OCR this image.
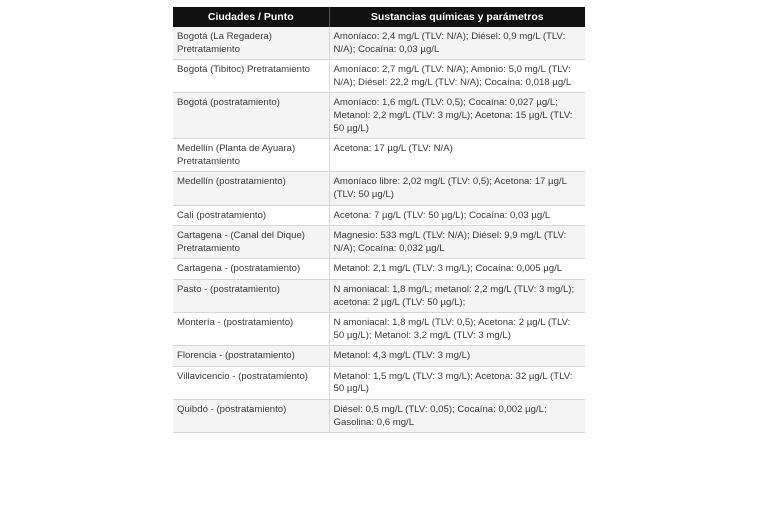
Ciudades / Punto	Sustancias químicas y parámetros
Bogotá (La Regadera) Pretratamiento	Amoníaco: 2,4 mg/L (TLV: N/A); Diésel: 0,9 mg/L (TLV: N/A); Cocaína: 0,03 µg/L
Bogotá (Tibitoc) Pretratamiento	Amoníaco: 2,7 mg/L (TLV: N/A); Amonio: 5,0 mg/L (TLV: N/A); Diésel: 22,2 mg/L (TLV: N/A); Cocaína: 0,018 µg/L
Bogotá (postratamiento)	Amoníaco: 1,6 mg/L (TLV: 0,5); Cocaína: 0,027 µg/L; Metanol: 2,2 mg/L (TLV: 3 mg/L); Acetona: 15 µg/L (TLV: 50 µg/L)
Medellín (Planta de Ayuara) Pretratamiento	Acetona: 17 µg/L (TLV: N/A)
Medellín (postratamiento)	Amoníaco libre: 2,02 mg/L (TLV: 0,5); Acetona: 17 µg/L (TLV: 50 µg/L)
Cali (postratamiento)	Acetona: 7 µg/L (TLV: 50 µg/L); Cocaína: 0,03 µg/L
Cartagena - (Canal del Dique) Pretratamiento	Magnesio: 533 mg/L (TLV: N/A); Diésel: 9,9 mg/L (TLV: N/A); Cocaína: 0,032 µg/L
Cartagena - (postratamiento)	Metanol: 2,1 mg/L (TLV: 3 mg/L); Cocaína: 0,005 µg/L
Pasto - (postratamiento)	N amoniacal: 1,8 mg/L; metanol: 2,2 mg/L (TLV: 3 mg/L); acetona: 2 µg/L (TLV: 50 µg/L);
Montería - (postratamiento)	N amoniacal: 1,8 mg/L (TLV: 0,5); Acetona: 2 µg/L (TLV: 50 µg/L); Metanol: 3,2 mg/L (TLV: 3 mg/L)
Florencia - (postratamiento)	Metanol: 4,3 mg/L (TLV: 3 mg/L)
Villavicencio - (postratamiento)	Metanol: 1,5 mg/L (TLV: 3 mg/L); Acetona: 32 µg/L (TLV: 50 µg/L)
Quibdó - (postratamiento)	Diésel: 0,5 mg/L (TLV: 0,05); Cocaína: 0,002 µg/L; Gasolina: 0,6 mg/L
